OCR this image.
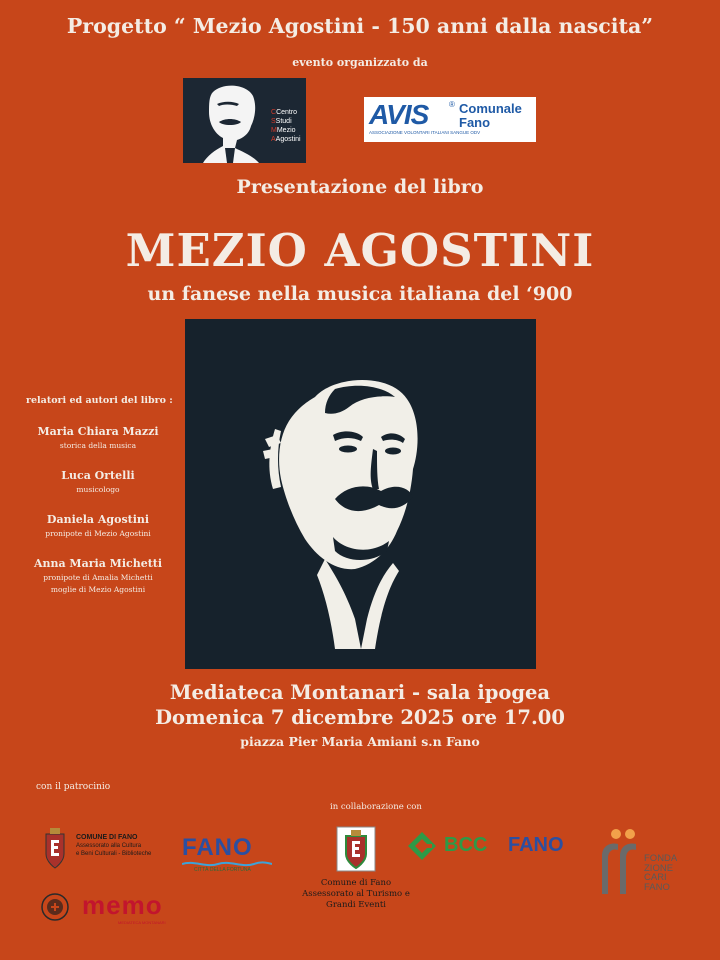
Progetto “ Mezio Agostini - 150 anni dalla nascita”
evento organizzato da
CCentro
SStudi
MMezio
AAgostini
AVIS	® Comunale
Fano
ASSOCIAZIONE VOLONTARI ITALIANI SANGUE ODV
Presentazione del libro
MEZIO AGOSTINI
un fanese nella musica italiana del ‘900
relatori ed autori del libro :
Maria Chiara Mazzi
storica della musica
Luca Ortelli
musicologo
Daniela Agostini
pronipote di Mezio Agostini
Anna Maria Michetti
pronipote di Amalia Michetti
moglie di Mezio Agostini
Mediateca Montanari - sala ipogea
Domenica 7 dicembre 2025 ore 17.00
piazza Pier Maria Amiani s.n Fano
con il patrocinio
in collaborazione con
COMUNE DI FANO
Assessorato alla Cultura
e Beni Culturali - Biblioteche FANO
CITTÀ DELLA FORTUNA
memo
MEDIATECA MONTANARI
Comune di Fano
Assessorato al Turismo e
Grandi Eventi
BCC FANO
FONDA
ZIONE
CARI
FANO
